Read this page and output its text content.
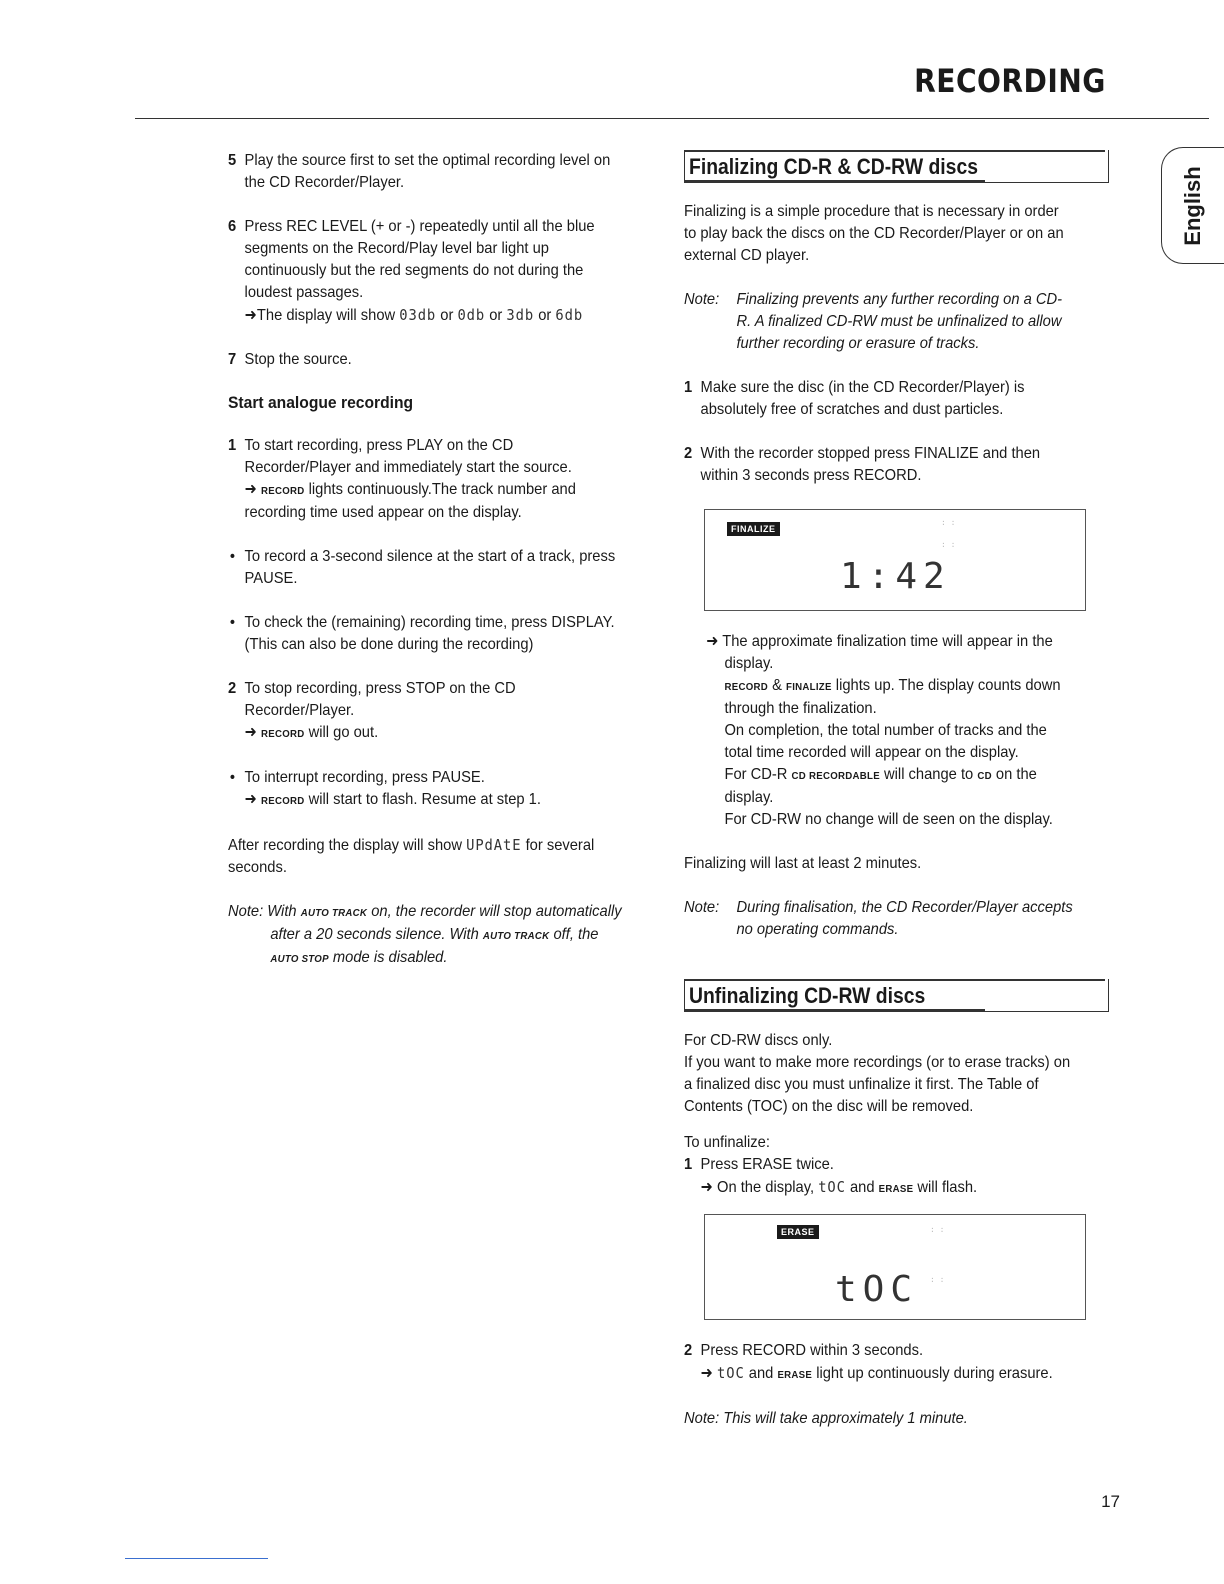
RECORDING
English
5 Play the source first to set the optimal recording level on the CD Recorder/Player.
6 Press REC LEVEL (+ or -) repeatedly until all the blue segments on the Record/Play level bar light up continuously but the red segments do not during the loudest passages.
➜The display will show 03db or 0db or 3db or 6db
7 Stop the source.
Start analogue recording
1 To start recording, press PLAY on the CD Recorder/Player and immediately start the source.
➜ RECORD lights continuously.The track number and recording time used appear on the display.
• To record a 3-second silence at the start of a track, press PAUSE.
• To check the (remaining) recording time, press DISPLAY. (This can also be done during the recording)
2 To stop recording, press STOP on the CD Recorder/Player.
➜ RECORD will go out.
• To interrupt recording, press PAUSE.
➜ RECORD will start to flash. Resume at step 1.
After recording the display will show UPdAtE for several seconds.
Note: With AUTO TRACK on, the recorder will stop automatically after a 20 seconds silence. With AUTO TRACK off, the AUTO STOP mode is disabled.
Finalizing CD-R & CD-RW discs
Finalizing is a simple procedure that is necessary in order to play back the discs on the CD Recorder/Player or on an external CD player.
Note: Finalizing prevents any further recording on a CD-R. A finalized CD-RW must be unfinalized to allow further recording or erasure of tracks.
1 Make sure the disc (in the CD Recorder/Player) is absolutely free of scratches and dust particles.
2 With the recorder stopped press FINALIZE and then within 3 seconds press RECORD.
FINALIZE
1:42
: :
: :
➜ The approximate finalization time will appear in the display.
RECORD & FINALIZE lights up. The display counts down through the finalization.
On completion, the total number of tracks and the total time recorded will appear on the display.
For CD-R CD RECORDABLE will change to CD on the display.
For CD-RW no change will de seen on the display.
Finalizing will last at least 2 minutes.
Note: During finalisation, the CD Recorder/Player accepts no operating commands.
Unfinalizing CD-RW discs
For CD-RW discs only.
If you want to make more recordings (or to erase tracks) on a finalized disc you must unfinalize it first. The Table of Contents (TOC) on the disc will be removed.
To unfinalize:
1 Press ERASE twice.
➜ On the display, tOC and ERASE will flash.
ERASE
tOC
: :
: :
2 Press RECORD within 3 seconds.
➜ tOC and ERASE light up continuously during erasure.
Note: This will take approximately 1 minute.
17
